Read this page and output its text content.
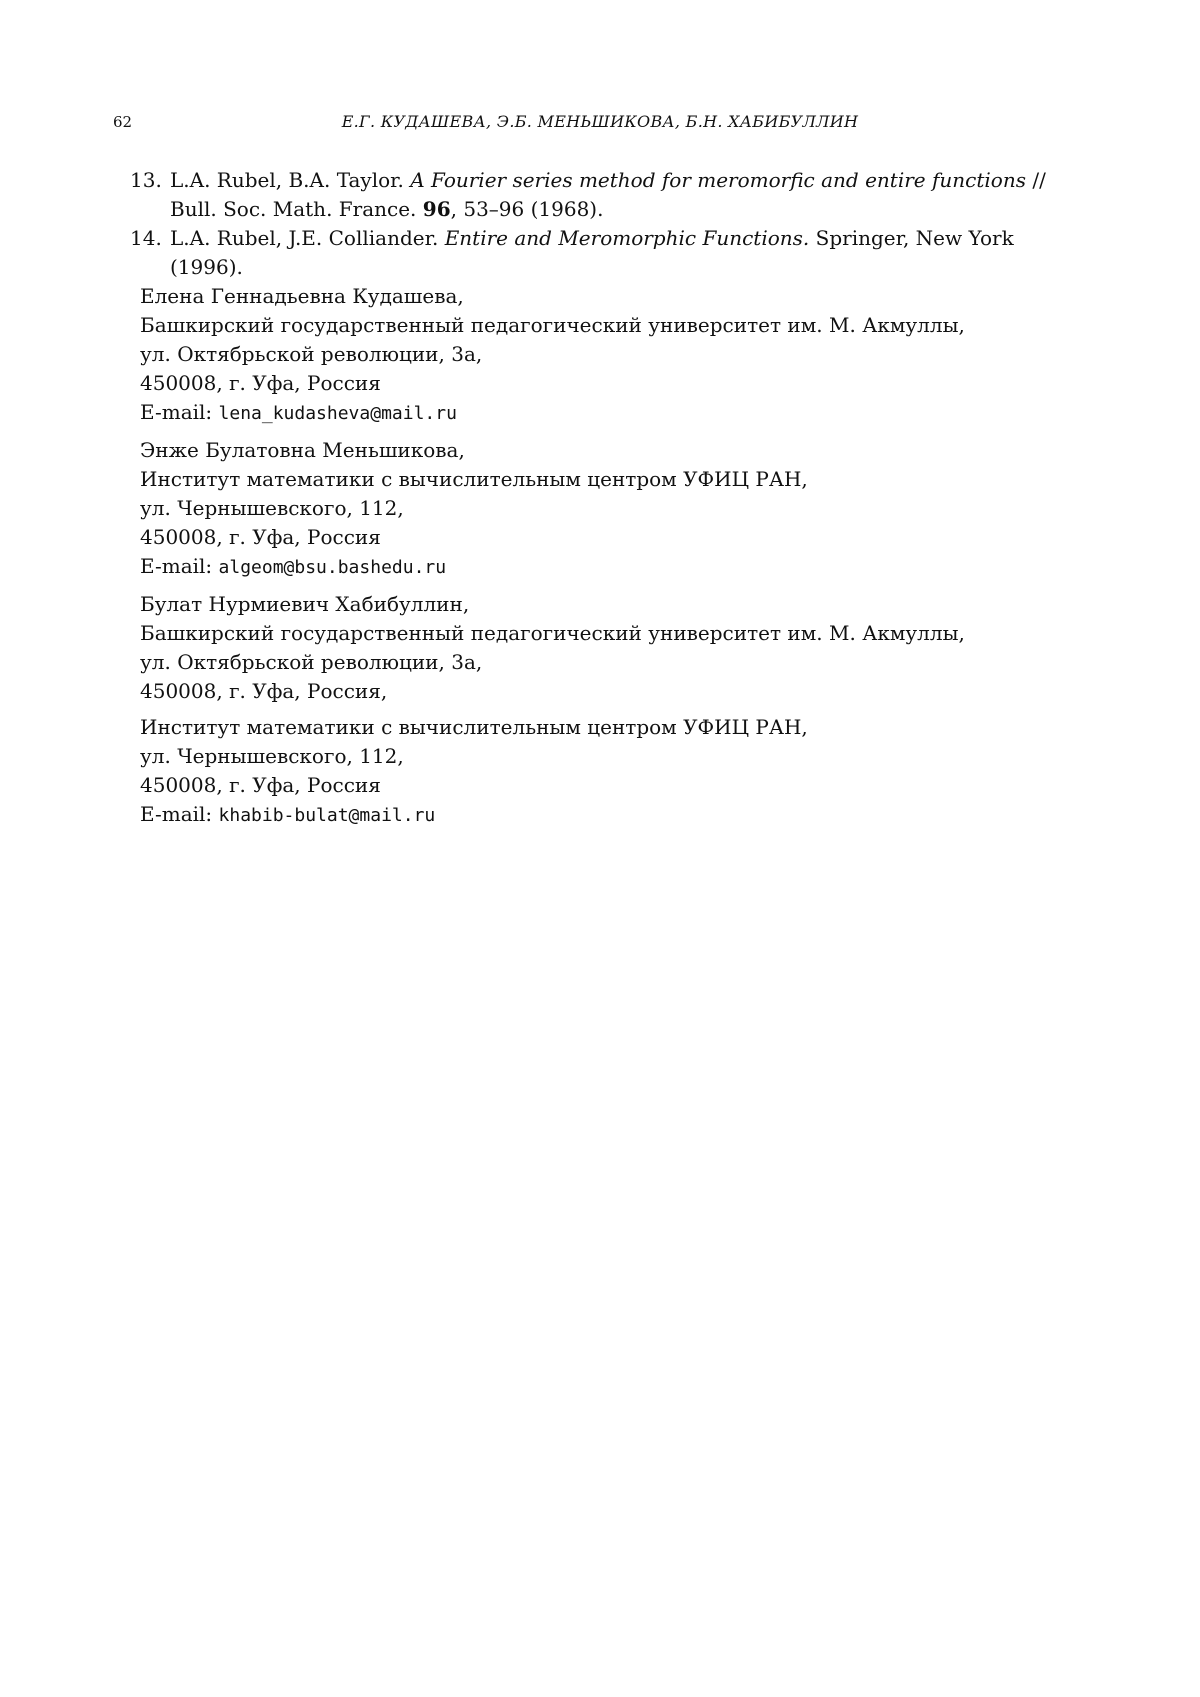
62	Е.Г. КУДАШЕВА, Э.Б. МЕНЬШИКОВА, Б.Н. ХАБИБУЛЛИН
13. L.A. Rubel, B.A. Taylor. A Fourier series method for meromorfic and entire functions // Bull. Soc. Math. France. 96, 53–96 (1968).
14. L.A. Rubel, J.E. Colliander. Entire and Meromorphic Functions. Springer, New York (1996).
Елена Геннадьевна Кудашева,
Башкирский государственный педагогический университет им. М. Акмуллы,
ул. Октябрьской революции, 3а,
450008, г. Уфа, Россия
E-mail: lena_kudasheva@mail.ru
Энже Булатовна Меньшикова,
Институт математики с вычислительным центром УФИЦ РАН,
ул. Чернышевского, 112,
450008, г. Уфа, Россия
E-mail: algeom@bsu.bashedu.ru
Булат Нурмиевич Хабибуллин,
Башкирский государственный педагогический университет им. М. Акмуллы,
ул. Октябрьской революции, 3а,
450008, г. Уфа, Россия,
Институт математики с вычислительным центром УФИЦ РАН,
ул. Чернышевского, 112,
450008, г. Уфа, Россия
E-mail: khabib-bulat@mail.ru
